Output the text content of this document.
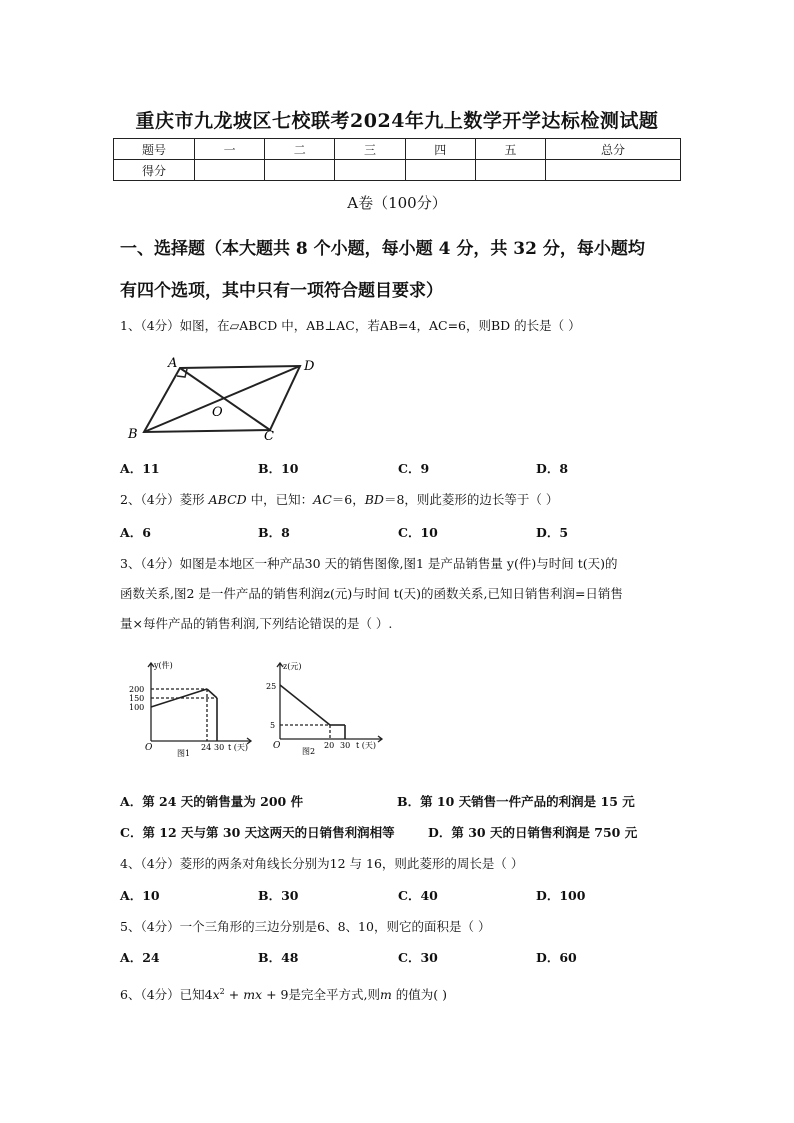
重庆市九龙坡区七校联考2024年九上数学开学达标检测试题
题号	一	二	三	四	五	总分
得分						
A卷（100分）
一、选择题（本大题共 8 个小题，每小题 4 分，共 32 分，每小题均
有四个选项，其中只有一项符合题目要求）
1、（4分）如图，在▱ABCD 中，AB⊥AC，若AB=4，AC=6，则BD 的长是（ ）
A	D
B	C
O
A．11	B．10	C．9	D．8
2、（4分）菱形 ABCD 中，已知：AC＝6，BD＝8，则此菱形的边长等于（ ）
A．6	B．8	C．10	D．5
3、（4分）如图是本地区一种产品30 天的销售图像,图1 是产品销售量 y(件)与时间 t(天)的
函数关系,图2 是一件产品的销售利润z(元)与时间 t(天)的函数关系,已知日销售利润=日销售
量×每件产品的销售利润,下列结论错误的是（ ）.
y(件)
200
150
100
O	24 30 t (天)
图1
z(元)
25
5
O	20 30 t (天)
图2
A．第 24 天的销售量为 200 件	B．第 10 天销售一件产品的利润是 15 元
C．第 12 天与第 30 天这两天的日销售利润相等	D．第 30 天的日销售利润是 750 元
4、（4分）菱形的两条对角线长分别为12 与 16，则此菱形的周长是（ ）
A．10	B．30	C．40	D．100
5、（4分）一个三角形的三边分别是6、8、10，则它的面积是（ ）
A．24	B．48	C．30	D．60
6、（4分）已知$4x^2$ + mx + 9是完全平方式,则m 的值为( )
